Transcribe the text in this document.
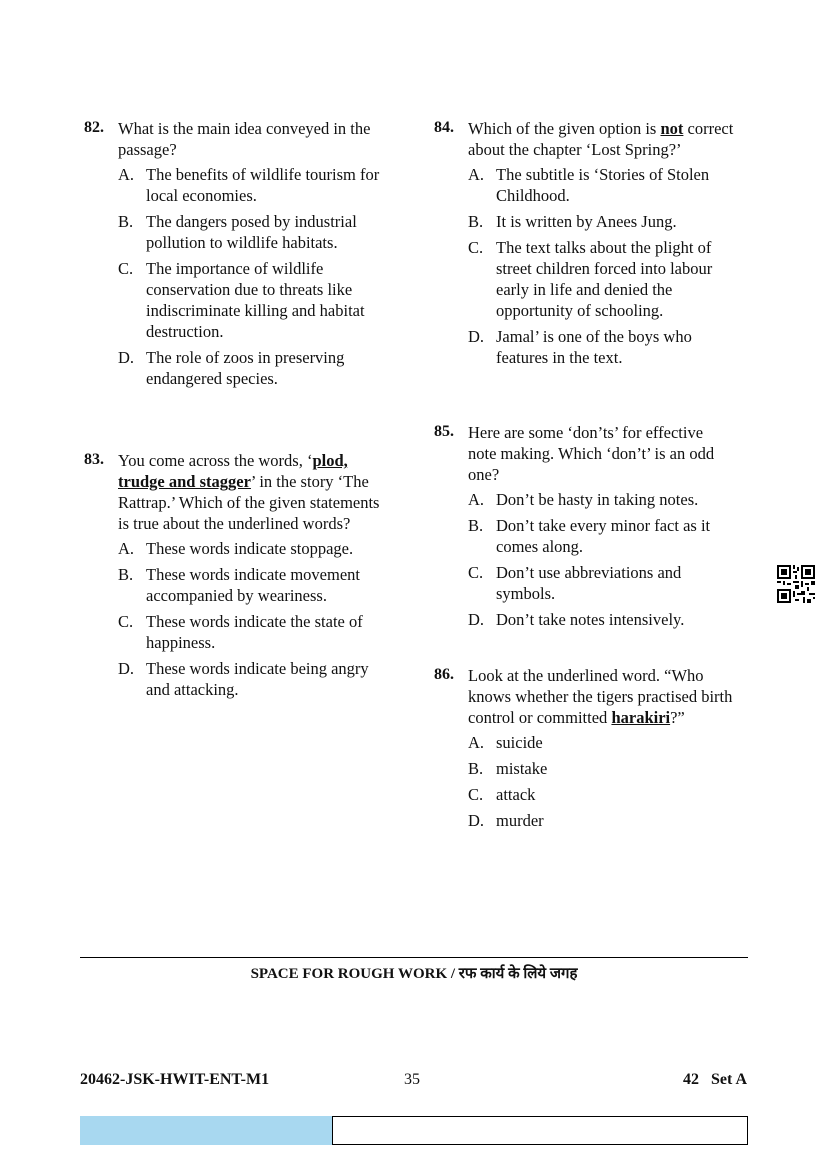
82. What is the main idea conveyed in the passage?
A. The benefits of wildlife tourism for local economies.
B. The dangers posed by industrial pollution to wildlife habitats.
C. The importance of wildlife conservation due to threats like indiscriminate killing and habitat destruction.
D. The role of zoos in preserving endangered species.
83. You come across the words, ‘plod, trudge and stagger’ in the story ‘The Rattrap.’ Which of the given statements is true about the underlined words?
A. These words indicate stoppage.
B. These words indicate movement accompanied by weariness.
C. These words indicate the state of happiness.
D. These words indicate being angry and attacking.
84. Which of the given option is not correct about the chapter ‘Lost Spring?’
A. The subtitle is ‘Stories of Stolen Childhood.
B. It is written by Anees Jung.
C. The text talks about the plight of street children forced into labour early in life and denied the opportunity of schooling.
D. Jamal’ is one of the boys who features in the text.
85. Here are some ‘don’ts’ for effective note making. Which ‘don’t’ is an odd one?
A. Don’t be hasty in taking notes.
B. Don’t take every minor fact as it comes along.
C. Don’t use abbreviations and symbols.
D. Don’t take notes intensively.
86. Look at the underlined word. “Who knows whether the tigers practised birth control or committed harakiri?”
A. suicide
B. mistake
C. attack
D. murder
SPACE FOR ROUGH WORK / रफ कार्य के लिये जगह
20462-JSK-HWIT-ENT-M1	35	42   Set A
